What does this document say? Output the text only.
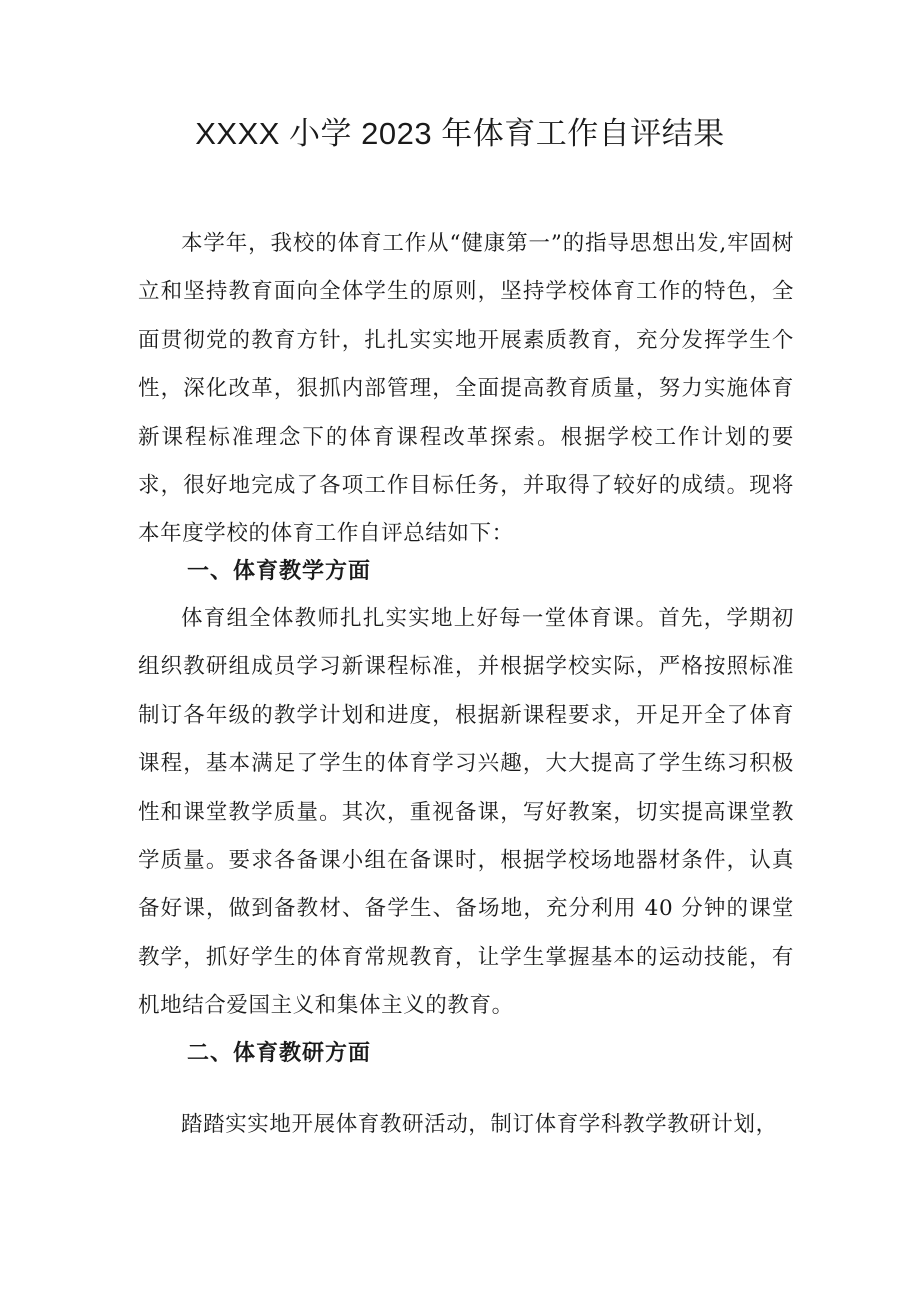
XXXX 小学 2023 年体育工作自评结果

本学年，我校的体育工作从“健康第一”的指导思想出发,牢固树立和坚持教育面向全体学生的原则，坚持学校体育工作的特色，全面贯彻党的教育方针，扎扎实实地开展素质教育，充分发挥学生个性，深化改革，狠抓内部管理，全面提高教育质量，努力实施体育新课程标准理念下的体育课程改革探索。根据学校工作计划的要求，很好地完成了各项工作目标任务，并取得了较好的成绩。现将本年度学校的体育工作自评总结如下：

一、体育教学方面

体育组全体教师扎扎实实地上好每一堂体育课。首先，学期初组织教研组成员学习新课程标准，并根据学校实际，严格按照标准制订各年级的教学计划和进度，根据新课程要求，开足开全了体育课程，基本满足了学生的体育学习兴趣，大大提高了学生练习积极性和课堂教学质量。其次，重视备课，写好教案，切实提高课堂教学质量。要求各备课小组在备课时，根据学校场地器材条件，认真备好课，做到备教材、备学生、备场地，充分利用 40 分钟的课堂教学，抓好学生的体育常规教育，让学生掌握基本的运动技能，有机地结合爱国主义和集体主义的教育。

二、体育教研方面

踏踏实实地开展体育教研活动，制订体育学科教学教研计划，
